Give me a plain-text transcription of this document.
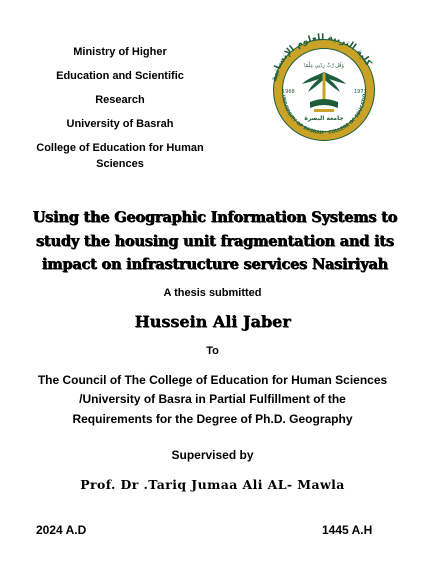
Ministry of Higher
Education and Scientific
Research
University of Basrah
College of Education for Human
Sciences
UNIVERSITY OF BASRAH · COLLEGE OF EDUCATIO
كلية التربية للعلوم الإنسانية
1968	1973
وَقُل رَّبِّ زِدْنِي عِلْمًا
جامعة البصرة
Using the Geographic Information Systems to
study the housing unit fragmentation and its
impact on infrastructure services Nasiriyah
A thesis submitted
Hussein Ali Jaber
To
The Council of The College of Education for Human Sciences
/University of Basra in Partial Fulfillment of the
Requirements for the Degree of Ph.D. Geography
Supervised by
Prof. Dr .Tariq Jumaa Ali AL- Mawla
2024 A.D	1445 A.H
